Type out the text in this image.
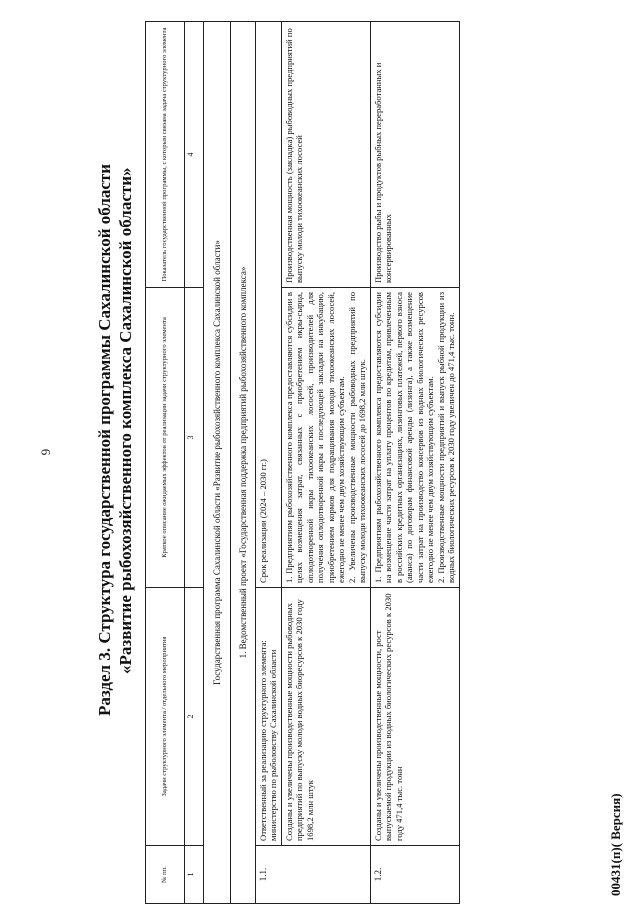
6 Раздел 3. Структура государственной программы Сахалинской области «Развитие рыбохозяйственного комплекса Сахалинской области»
№ пп.	Задачи структурного элемента / отдельного мероприятия	Краткое описание ожидаемых эффектов от реализации задачи структурного элемента	Показатель государственной программы, с которым связана задача структурного элемента
1	2	3	4
Государственная программа Сахалинской области «Развитие рыбохозяйственного комплекса Сахалинской области»			
1. Ведомственный проект «Государственная поддержка предприятий рыбохозяйственного комплекса»			
1.1.	Ответственный за реализацию структурного элемента: министерство по рыболовству Сахалинской области	Срок реализации (2024 – 2030 гг.)	
	Созданы и увеличены производственные мощности рыбоводных предприятий по выпуску молоди водных биоресурсов к 2030 году 1698,2 млн штук	1. Предприятиям рыбохозяйственного комплекса предоставляются субсидии в целях возмещения затрат, связанных с приобретением икры-сырца, оплодотворенной икры тихоокеанских лососей, производителей для получения оплодотворенной икры и последующей закладки на инкубацию, приобретением кормов для подращивания молоди тихоокеанских лососей, ежегодно не менее чем двум хозяйствующим субъектам. 2. Увеличены производственные мощности рыбоводных предприятий по выпуску молоди тихоокеанских лососей до 1698,2 млн штук.	Производственная мощность (закладка) рыбоводных предприятий по выпуску молоди тихоокеанских лососей
1.2.	Созданы и увеличены производственные мощности, рост выпускаемой продукции из водных биологических ресурсов к 2030 году 471,4 тыс. тонн	1. Предприятиям рыбохозяйственного комплекса предоставляются субсидии на возмещение части затрат на уплату процентов по кредитам, привлеченным в российских кредитных организациях, лизинговых платежей, первого взноса (аванса) по договорам финансовой аренды (лизинга), а также возмещение части затрат на производство консервов из водных биологических ресурсов ежегодно не менее чем двум хозяйствующим субъектам. 2. Производственные мощности предприятий и выпуск рыбной продукции из водных биологических ресурсов к 2030 году увеличен до 471,4 тыс. тонн.	Производство рыбы и продуктов рыбных переработанных и консервированных
00431(п)( Версия)
